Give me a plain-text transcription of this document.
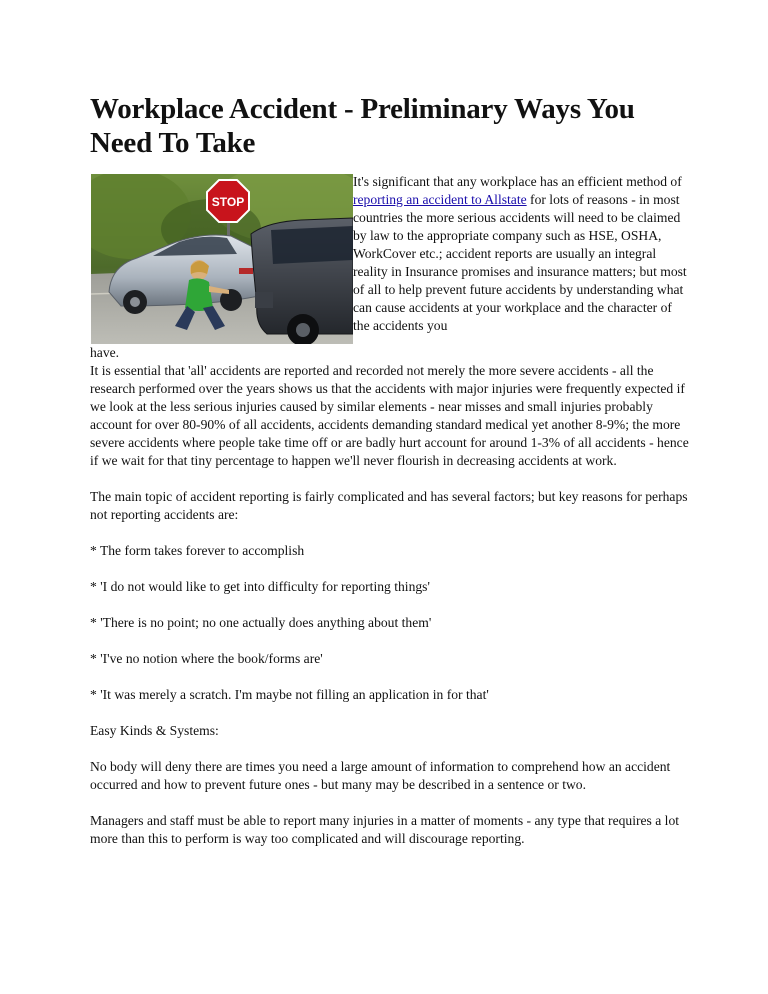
Workplace Accident - Preliminary Ways You Need To Take
STOP

It's significant that any workplace has an efficient method of reporting an accident to Allstate for lots of reasons - in most countries the more serious accidents will need to be claimed by law to the appropriate company such as HSE, OSHA, WorkCover etc.; accident reports are usually an integral reality in Insurance promises and insurance matters; but most of all to help prevent future accidents by understanding what can cause accidents at your workplace and the character of the accidents you

have.

It is essential that 'all' accidents are reported and recorded not merely the more severe accidents - all the research performed over the years shows us that the accidents with major injuries were frequently expected if we look at the less serious injuries caused by similar elements - near misses and small injuries probably account for over 80-90% of all accidents, accidents demanding standard medical yet another 8-9%; the more severe accidents where people take time off or are badly hurt account for around 1-3% of all accidents - hence if we wait for that tiny percentage to happen we'll never flourish in decreasing accidents at work.

The main topic of accident reporting is fairly complicated and has several factors; but key reasons for perhaps not reporting accidents are:

* The form takes forever to accomplish

* 'I do not would like to get into difficulty for reporting things'

* 'There is no point; no one actually does anything about them'

* 'I've no notion where the book/forms are'

* 'It was merely a scratch. I'm maybe not filling an application in for that'

Easy Kinds & Systems:

No body will deny there are times you need a large amount of information to comprehend how an accident occurred and how to prevent future ones - but many may be described in a sentence or two.

Managers and staff must be able to report many injuries in a matter of moments - any type that requires a lot more than this to perform is way too complicated and will discourage reporting.
